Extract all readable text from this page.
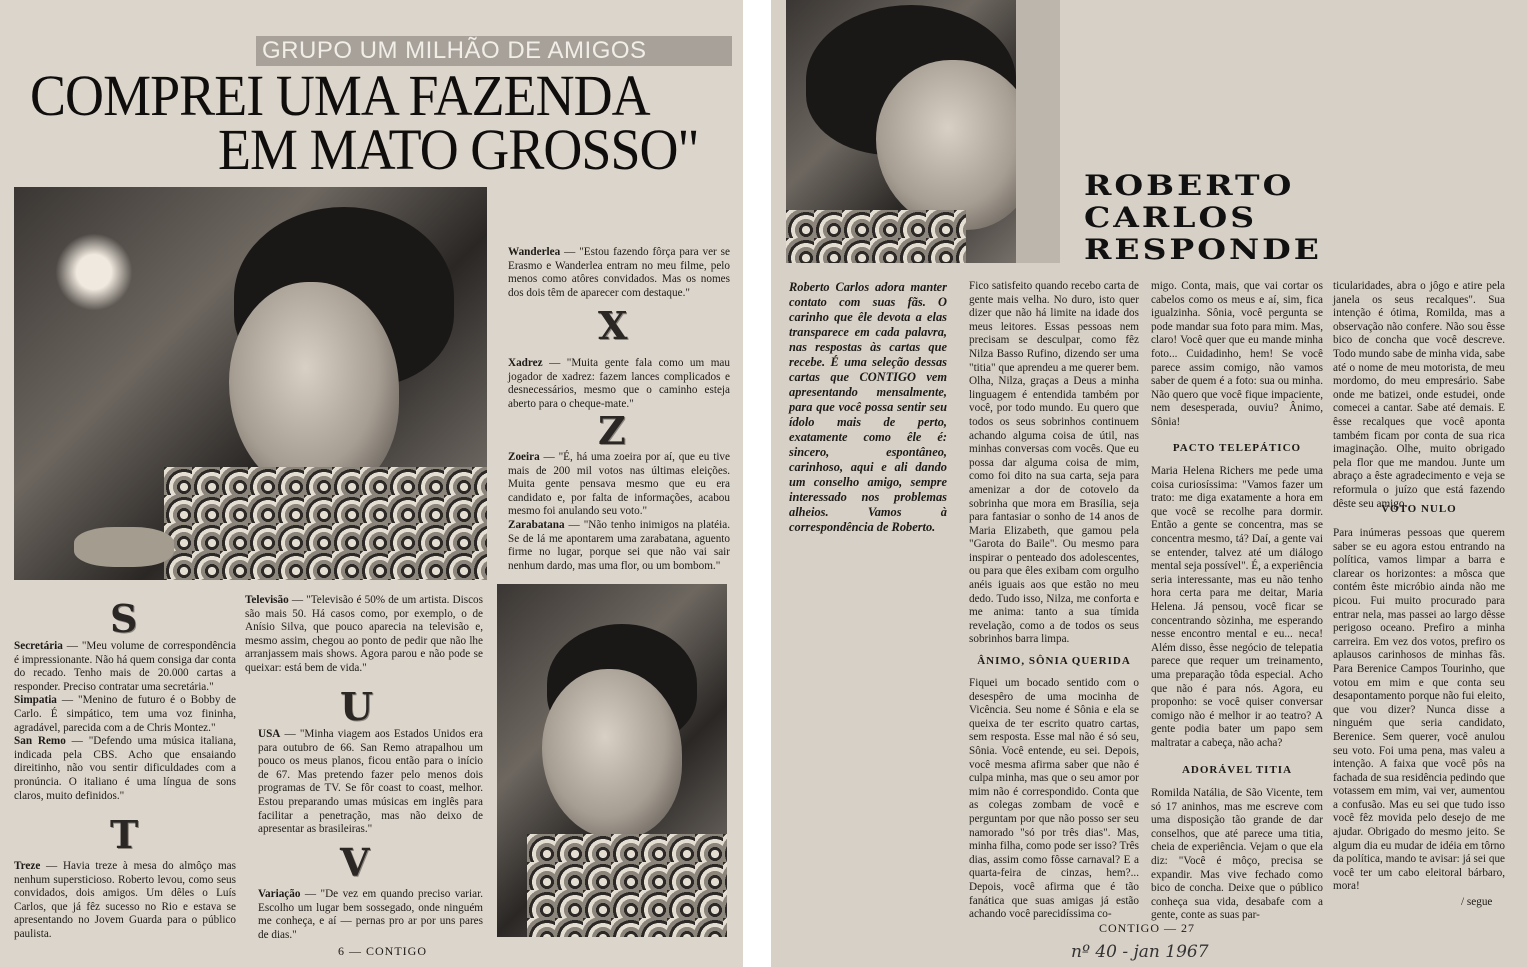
GRUPO UM MILHÃO DE AMIGOS
COMPREI UMA FAZENDA
EM MATO GROSSO"

Wanderlea — "Estou fazendo fôrça para ver se Erasmo e Wanderlea entram no meu filme, pelo menos como atôres convidados. Mas os nomes dos dois têm de aparecer com destaque."

X

Xadrez — "Muita gente fala como um mau jogador de xadrez: fazem lances complicados e desnecessários, mesmo que o caminho esteja aberto para o cheque-mate."

Z

Zoeira — "É, há uma zoeira por aí, que eu tive mais de 200 mil votos nas últimas eleições. Muita gente pensava mesmo que eu era candidato e, por falta de informações, acabou mesmo foi anulando seu voto."

Zarabatana — "Não tenho inimigos na platéia. Se de lá me apontarem uma zarabatana, aguento firme no lugar, porque sei que não vai sair nenhum dardo, mas uma flor, ou um bombom."

S

Secretária — "Meu volume de correspondência é impressionante. Não há quem consiga dar conta do recado. Tenho mais de 20.000 cartas a responder. Preciso contratar uma secretária."

Simpatia — "Menino de futuro é o Bobby de Carlo. É simpático, tem uma voz fininha, agradável, parecida com a de Chris Montez."

San Remo — "Defendo uma música italiana, indicada pela CBS. Acho que ensaiando direitinho, não vou sentir dificuldades com a pronúncia. O italiano é uma língua de sons claros, muito definidos."

T

Treze — Havia treze à mesa do almôço mas nenhum supersticioso. Roberto levou, como seus convidados, dois amigos. Um dêles o Luís Carlos, que já fêz sucesso no Rio e estava se apresentando no Jovem Guarda para o público paulista.

Televisão — "Televisão é 50% de um artista. Discos são mais 50. Há casos como, por exemplo, o de Anísio Silva, que pouco aparecia na televisão e, mesmo assim, chegou ao ponto de pedir que não lhe arranjassem mais shows. Agora parou e não pode se queixar: está bem de vida."

U

USA — "Minha viagem aos Estados Unidos era para outubro de 66. San Remo atrapalhou um pouco os meus planos, ficou então para o início de 67. Mas pretendo fazer pelo menos dois programas de TV. Se fôr coast to coast, melhor. Estou preparando umas músicas em inglês para facilitar a penetração, mas não deixo de apresentar as brasileiras."

V

Variação — "De vez em quando preciso variar. Escolho um lugar bem sossegado, onde ninguém me conheça, e aí — pernas pro ar por uns pares de dias."

6 — CONTIGO
ROBERTO
CARLOS
RESPONDE
Roberto Carlos adora manter contato com suas fãs. O carinho que êle devota a elas transparece em cada palavra, nas respostas às cartas que recebe. É uma seleção dessas cartas que CONTIGO vem apresentando mensalmente, para que você possa sentir seu ídolo mais de perto, exatamente como êle é: sincero, espontâneo, carinhoso, aqui e ali dando um conselho amigo, sempre interessado nos problemas alheios. Vamos à correspondência de Roberto.
Fico satisfeito quando recebo carta de gente mais velha. No duro, isto quer dizer que não há limite na idade dos meus leitores. Essas pessoas nem precisam se desculpar, como fêz Nilza Basso Rufino, dizendo ser uma "titia" que aprendeu a me querer bem. Olha, Nilza, graças a Deus a minha linguagem é entendida também por você, por todo mundo. Eu quero que todos os seus sobrinhos continuem achando alguma coisa de útil, nas minhas conversas com vocês. Que eu possa dar alguma coisa de mim, como foi dito na sua carta, seja para amenizar a dor de cotovelo da sobrinha que mora em Brasília, seja para fantasiar o sonho de 14 anos de Maria Elizabeth, que gamou pela "Garota do Baile". Ou mesmo para inspirar o penteado dos adolescentes, ou para que êles exibam com orgulho anéis iguais aos que estão no meu dedo. Tudo isso, Nilza, me conforta e me anima: tanto a sua tímida revelação, como a de todos os seus sobrinhos barra limpa.
ÂNIMO, SÔNIA QUERIDA
Fiquei um bocado sentido com o desespêro de uma mocinha de Vicência. Seu nome é Sônia e ela se queixa de ter escrito quatro cartas, sem resposta. Esse mal não é só seu, Sônia. Você entende, eu sei. Depois, você mesma afirma saber que não é culpa minha, mas que o seu amor por mim não é correspondido. Conta que as colegas zombam de você e perguntam por que não posso ser seu namorado "só por três dias". Mas, minha filha, como pode ser isso? Três dias, assim como fôsse carnaval? E a quarta-feira de cinzas, hem?... Depois, você afirma que é tão fanática que suas amigas já estão achando você parecidíssima co-
migo. Conta, mais, que vai cortar os cabelos como os meus e aí, sim, fica igualzinha. Sônia, você pergunta se pode mandar sua foto para mim. Mas, claro! Você quer que eu mande minha foto... Cuidadinho, hem! Se você parece assim comigo, não vamos saber de quem é a foto: sua ou minha. Não quero que você fique impaciente, nem desesperada, ouviu? Ânimo, Sônia!
PACTO TELEPÁTICO
Maria Helena Richers me pede uma coisa curiosíssima: "Vamos fazer um trato: me diga exatamente a hora em que você se recolhe para dormir. Então a gente se concentra, mas se concentra mesmo, tá? Daí, a gente vai se entender, talvez até um diálogo mental seja possível". É, a experiência seria interessante, mas eu não tenho hora certa para me deitar, Maria Helena. Já pensou, você ficar se concentrando sòzinha, me esperando nesse encontro mental e eu... neca! Além disso, êsse negócio de telepatia parece que requer um treinamento, uma preparação tôda especial. Acho que não é para nós. Agora, eu proponho: se você quiser conversar comigo não é melhor ir ao teatro? A gente podia bater um papo sem maltratar a cabeça, não acha?
ADORÁVEL TITIA
Romilda Natália, de São Vicente, tem só 17 aninhos, mas me escreve com uma disposição tão grande de dar conselhos, que até parece uma titia, cheia de experiência. Vejam o que ela diz: "Você é môço, precisa se expandir. Mas vive fechado como bico de concha. Deixe que o público conheça sua vida, desabafe com a gente, conte as suas par-
ticularidades, abra o jôgo e atire pela janela os seus recalques". Sua intenção é ótima, Romilda, mas a observação não confere. Não sou êsse bico de concha que você descreve. Todo mundo sabe de minha vida, sabe até o nome de meu motorista, de meu mordomo, do meu empresário. Sabe onde me batizei, onde estudei, onde comecei a cantar. Sabe até demais. E êsse recalques que você aponta também ficam por conta de sua rica imaginação. Olhe, muito obrigado pela flor que me mandou. Junte um abraço a êste agradecimento e veja se reformula o juízo que está fazendo dêste seu amigo.
VOTO NULO
Para inúmeras pessoas que querem saber se eu agora estou entrando na política, vamos limpar a barra e clarear os horizontes: a môsca que contém êste micróbio ainda não me picou. Fui muito procurado para entrar nela, mas passei ao largo dêsse perigoso oceano. Prefiro a minha carreira. Em vez dos votos, prefiro os aplausos carinhosos de minhas fãs. Para Berenice Campos Tourinho, que votou em mim e que conta seu desapontamento porque não fui eleito, que vou dizer? Nunca disse a ninguém que seria candidato, Berenice. Sem querer, você anulou seu voto. Foi uma pena, mas valeu a intenção. A faixa que você pôs na fachada de sua residência pedindo que votassem em mim, vai ver, aumentou a confusão. Mas eu sei que tudo isso você fêz movida pelo desejo de me ajudar. Obrigado do mesmo jeito. Se algum dia eu mudar de idéia em tôrno da política, mando te avisar: já sei que você ter um cabo eleitoral bárbaro, mora!
/ segue
CONTIGO — 27
nº 40 - jan 1967
